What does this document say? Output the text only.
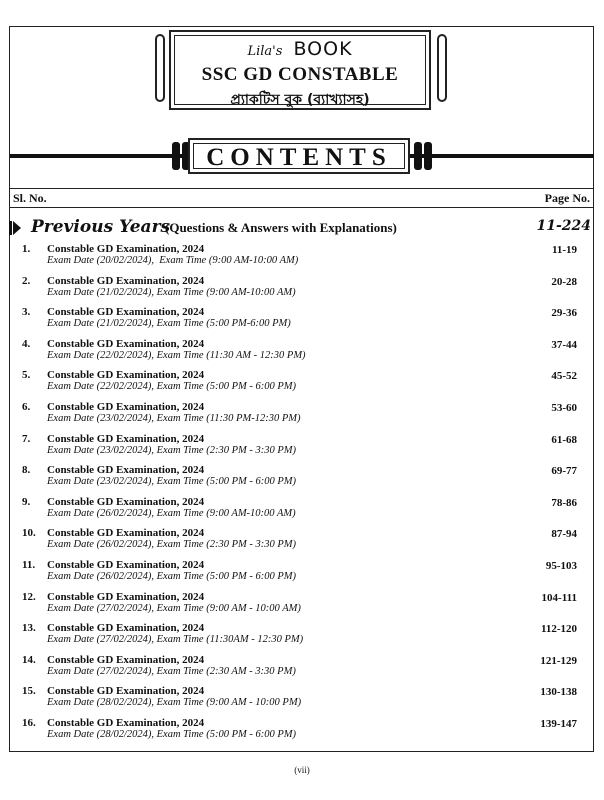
Lila's BOOK
SSC GD CONSTABLE
প্র্যাকটিস বুক (ব্যাখ্যাসহ)
CONTENTS
Sl. No.	Page No.
Previous Years
(Questions & Answers with Explanations)	11-224
1. Constable GD Examination, 2024
Exam Date (20/02/2024),  Exam Time (9:00 AM-10:00 AM)
11-19
2. Constable GD Examination, 2024
Exam Date (21/02/2024), Exam Time (9:00 AM-10:00 AM)
20-28
3. Constable GD Examination, 2024
Exam Date (21/02/2024), Exam Time (5:00 PM-6:00 PM)
29-36
4. Constable GD Examination, 2024
Exam Date (22/02/2024), Exam Time (11:30 AM - 12:30 PM)
37-44
5. Constable GD Examination, 2024
Exam Date (22/02/2024), Exam Time (5:00 PM - 6:00 PM)
45-52
6. Constable GD Examination, 2024
Exam Date (23/02/2024), Exam Time (11:30 PM-12:30 PM)
53-60
7. Constable GD Examination, 2024
Exam Date (23/02/2024), Exam Time (2:30 PM - 3:30 PM)
61-68
8. Constable GD Examination, 2024
Exam Date (23/02/2024), Exam Time (5:00 PM - 6:00 PM)
69-77
9. Constable GD Examination, 2024
Exam Date (26/02/2024), Exam Time (9:00 AM-10:00 AM)
78-86
10. Constable GD Examination, 2024
Exam Date (26/02/2024), Exam Time (2:30 PM - 3:30 PM)
87-94
11. Constable GD Examination, 2024
Exam Date (26/02/2024), Exam Time (5:00 PM - 6:00 PM)
95-103
12. Constable GD Examination, 2024
Exam Date (27/02/2024), Exam Time (9:00 AM - 10:00 AM)
104-111
13. Constable GD Examination, 2024
Exam Date (27/02/2024), Exam Time (11:30AM - 12:30 PM)
112-120
14. Constable GD Examination, 2024
Exam Date (27/02/2024), Exam Time (2:30 AM - 3:30 PM)
121-129
15. Constable GD Examination, 2024
Exam Date (28/02/2024), Exam Time (9:00 AM - 10:00 PM)
130-138
16. Constable GD Examination, 2024
Exam Date (28/02/2024), Exam Time (5:00 PM - 6:00 PM)
139-147
(vii)
